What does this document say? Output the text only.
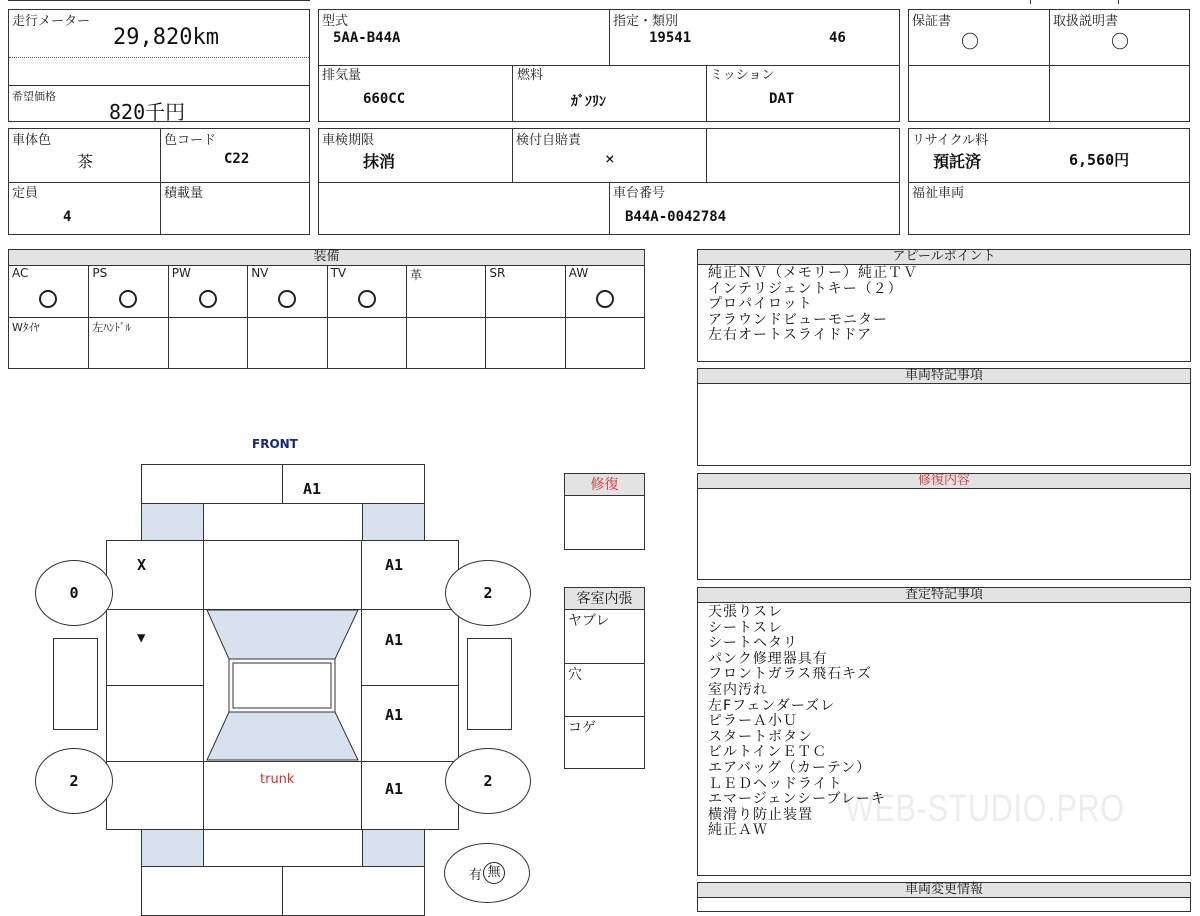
走行メーター
29,820km
希望価格
820千円
型式
5AA-B44A
指定・類別
19541	46
排気量
660CC
燃料
ｶﾞｿﾘﾝ
ミッション
DAT
保証書
〇
取扱説明書
〇
車体色
茶
色コード
C22
定員
4
積載量
車検期限
抹消
検付自賠責
×
車台番号
B44A-0042784
リサイクル料
預託済	6,560円
福祉車両
装備
AC	PS	PW	NV	TV	革	SR	AW
Wﾀｲﾔ	左ﾊﾝﾄﾞﾙ
アピールポイント
純正ＮＶ（メモリー）純正ＴＶ
インテリジェントキー（２）
プロパイロット
アラウンドビューモニター
左右オートスライドドア
車両特記事項
修復内容
査定特記事項
天張りスレ
シートスレ
シートヘタリ
パンク修理器具有
フロントガラス飛石キズ
室内汚れ
左Fフェンダーズレ
ピラーＡ小Ｕ
スタートボタン
ビルトインＥＴＣ
エアバッグ（カーテン）
ＬＥＤヘッドライト
エマージェンシーブレーキ
横滑り防止装置
純正ＡＷ
車両変更情報
WEB-STUDIO.PRO
修復
客室内張
ヤブレ
穴
コゲ
FRONT
A1
trunk
X
▼
A1
A1
A1
A1
0	2
2	2
有 無
